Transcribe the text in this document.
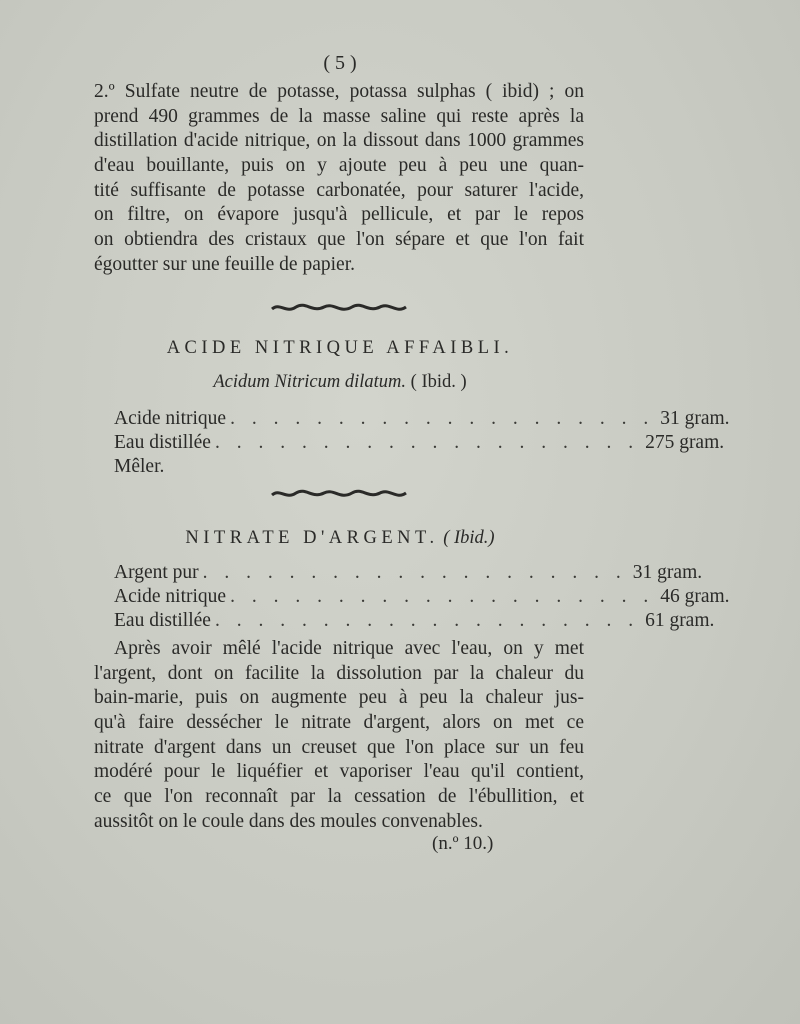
( 5 )
2.º Sulfate neutre de potasse, potassa sulphas ( ibid) ; on
prend 490 grammes de la masse saline qui reste après la
distillation d'acide nitrique, on la dissout dans 1000 grammes
d'eau bouillante, puis on y ajoute peu à peu une quan-
tité suffisante de potasse carbonatée, pour saturer l'acide,
on filtre, on évapore jusqu'à pellicule, et par le repos
on obtiendra des cristaux que l'on sépare et que l'on fait
égoutter sur une feuille de papier.
ACIDE NITRIQUE AFFAIBLI.
Acidum Nitricum dilatum. ( Ibid. )
Acide nitrique . . . . . . . . . . . . . . . . . . . . 31 gram.
Eau distillée . . . . . . . . . . . . . . . . . . . . 275 gram.
Mêler.
NITRATE D'ARGENT. ( Ibid.)
Argent pur . . . . . . . . . . . . . . . . . . . . 31 gram.
Acide nitrique . . . . . . . . . . . . . . . . . . . . 46 gram.
Eau distillée . . . . . . . . . . . . . . . . . . . . 61 gram.
Après avoir mêlé l'acide nitrique avec l'eau, on y met
l'argent, dont on facilite la dissolution par la chaleur du
bain-marie, puis on augmente peu à peu la chaleur jus-
qu'à faire dessécher le nitrate d'argent, alors on met ce
nitrate d'argent dans un creuset que l'on place sur un feu
modéré pour le liquéfier et vaporiser l'eau qu'il contient,
ce que l'on reconnaît par la cessation de l'ébullition, et
aussitôt on le coule dans des moules convenables.
(n.º 10.)
